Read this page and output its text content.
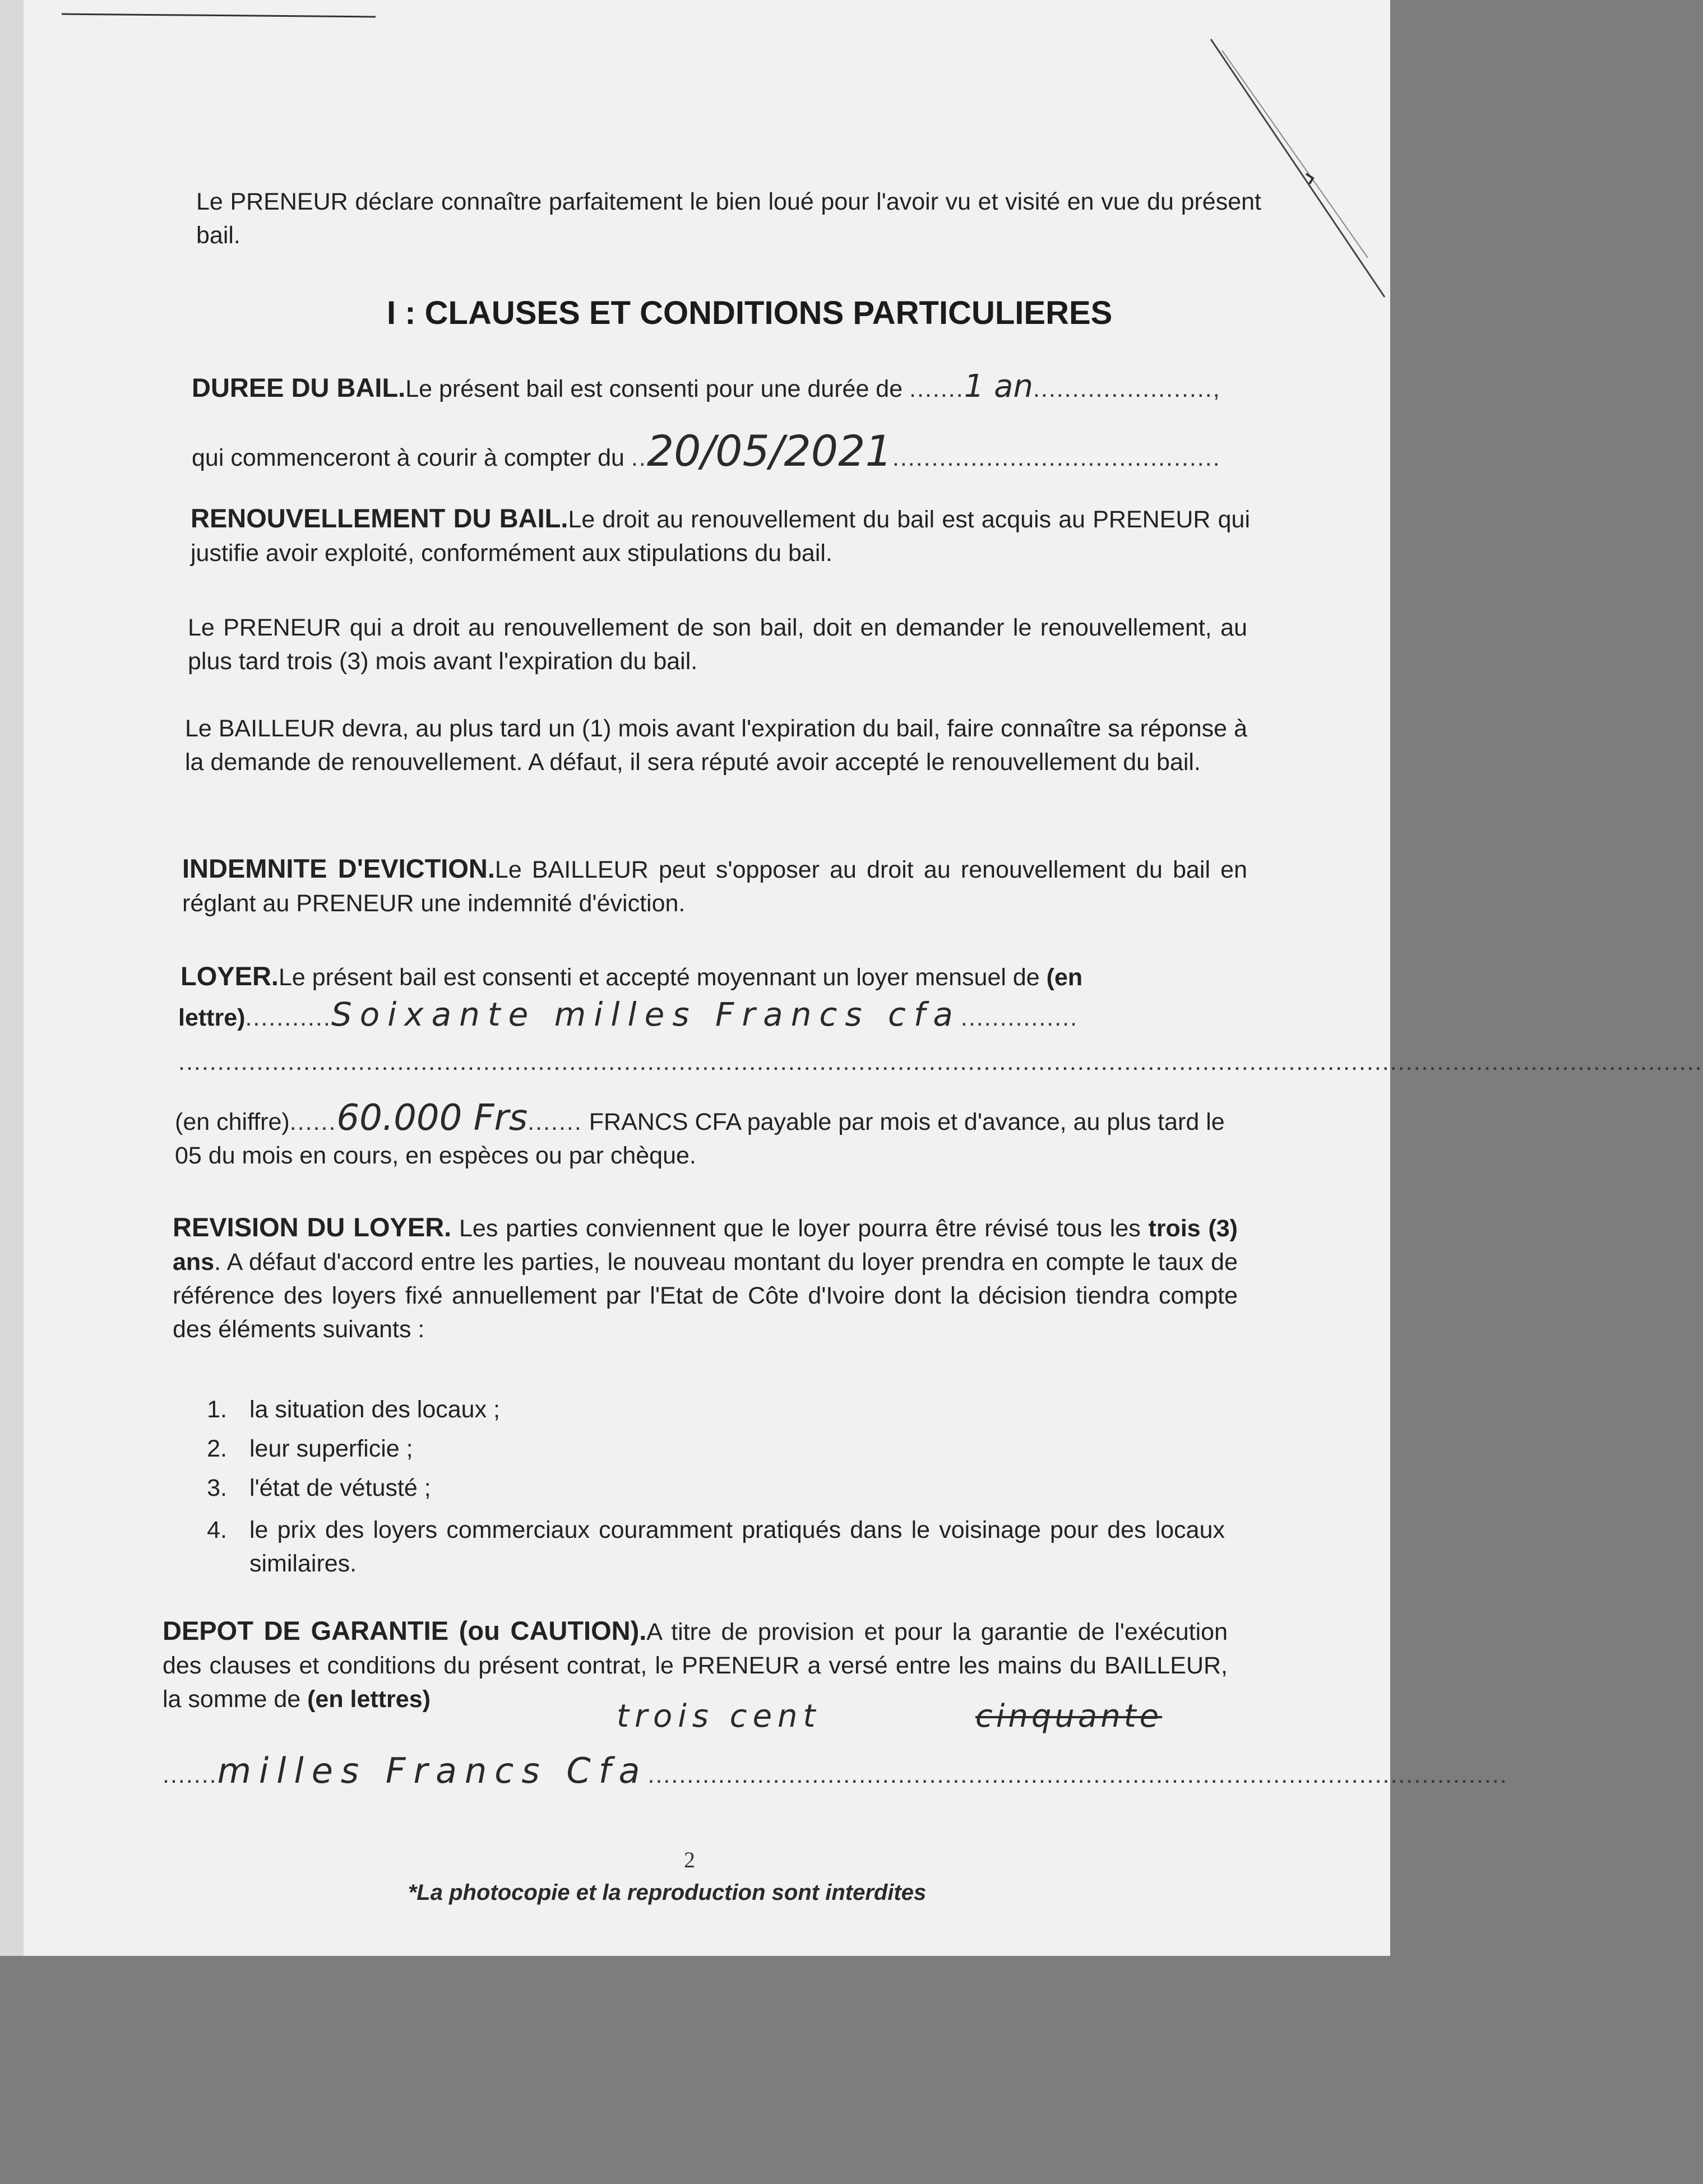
Le PRENEUR déclare connaître parfaitement le bien loué pour l'avoir vu et visité en vue du présent bail.
I : CLAUSES ET CONDITIONS PARTICULIERES
DUREE DU BAIL.Le présent bail est consenti pour une durée de .......1 an.......................,
qui commenceront à courir à compter du ..20/05/2021..........................................
RENOUVELLEMENT DU BAIL.Le droit au renouvellement du bail est acquis au PRENEUR qui justifie avoir exploité, conformément aux stipulations du bail.
Le PRENEUR qui a droit au renouvellement de son bail, doit en demander le renouvellement, au plus tard trois (3) mois avant l'expiration du bail.
Le BAILLEUR devra, au plus tard un (1) mois avant l'expiration du bail, faire connaître sa réponse à la demande de renouvellement. A défaut, il sera réputé avoir accepté le renouvellement du bail.
INDEMNITE D'EVICTION.Le BAILLEUR peut s'opposer au droit au renouvellement du bail en réglant au PRENEUR une indemnité d'éviction.
LOYER.Le présent bail est consenti et accepté moyennant un loyer mensuel de (en
lettre)...........Soixante milles Francs cfa...............
...................................................................................................................................................................................................
(en chiffre)......60.000 Frs....... FRANCS CFA payable par mois et d'avance, au plus tard le 05 du mois en cours, en espèces ou par chèque.
REVISION DU LOYER. Les parties conviennent que le loyer pourra être révisé tous les trois (3) ans. A défaut d'accord entre les parties, le nouveau montant du loyer prendra en compte le taux de référence des loyers fixé annuellement par l'Etat de Côte d'Ivoire dont la décision tiendra compte des éléments suivants :
1. la situation des locaux ;
2. leur superficie ;
3. l'état de vétusté ;
4. le prix des loyers commerciaux couramment pratiqués dans le voisinage pour des locaux similaires.
DEPOT DE GARANTIE (ou CAUTION).A titre de provision et pour la garantie de l'exécution des clauses et conditions du présent contrat, le PRENEUR a versé entre les mains du BAILLEUR, la somme de (en lettres)	trois cent	cinquante
.......milles Francs Cfa..............................................................................................................
2
*La photocopie et la reproduction sont interdites
